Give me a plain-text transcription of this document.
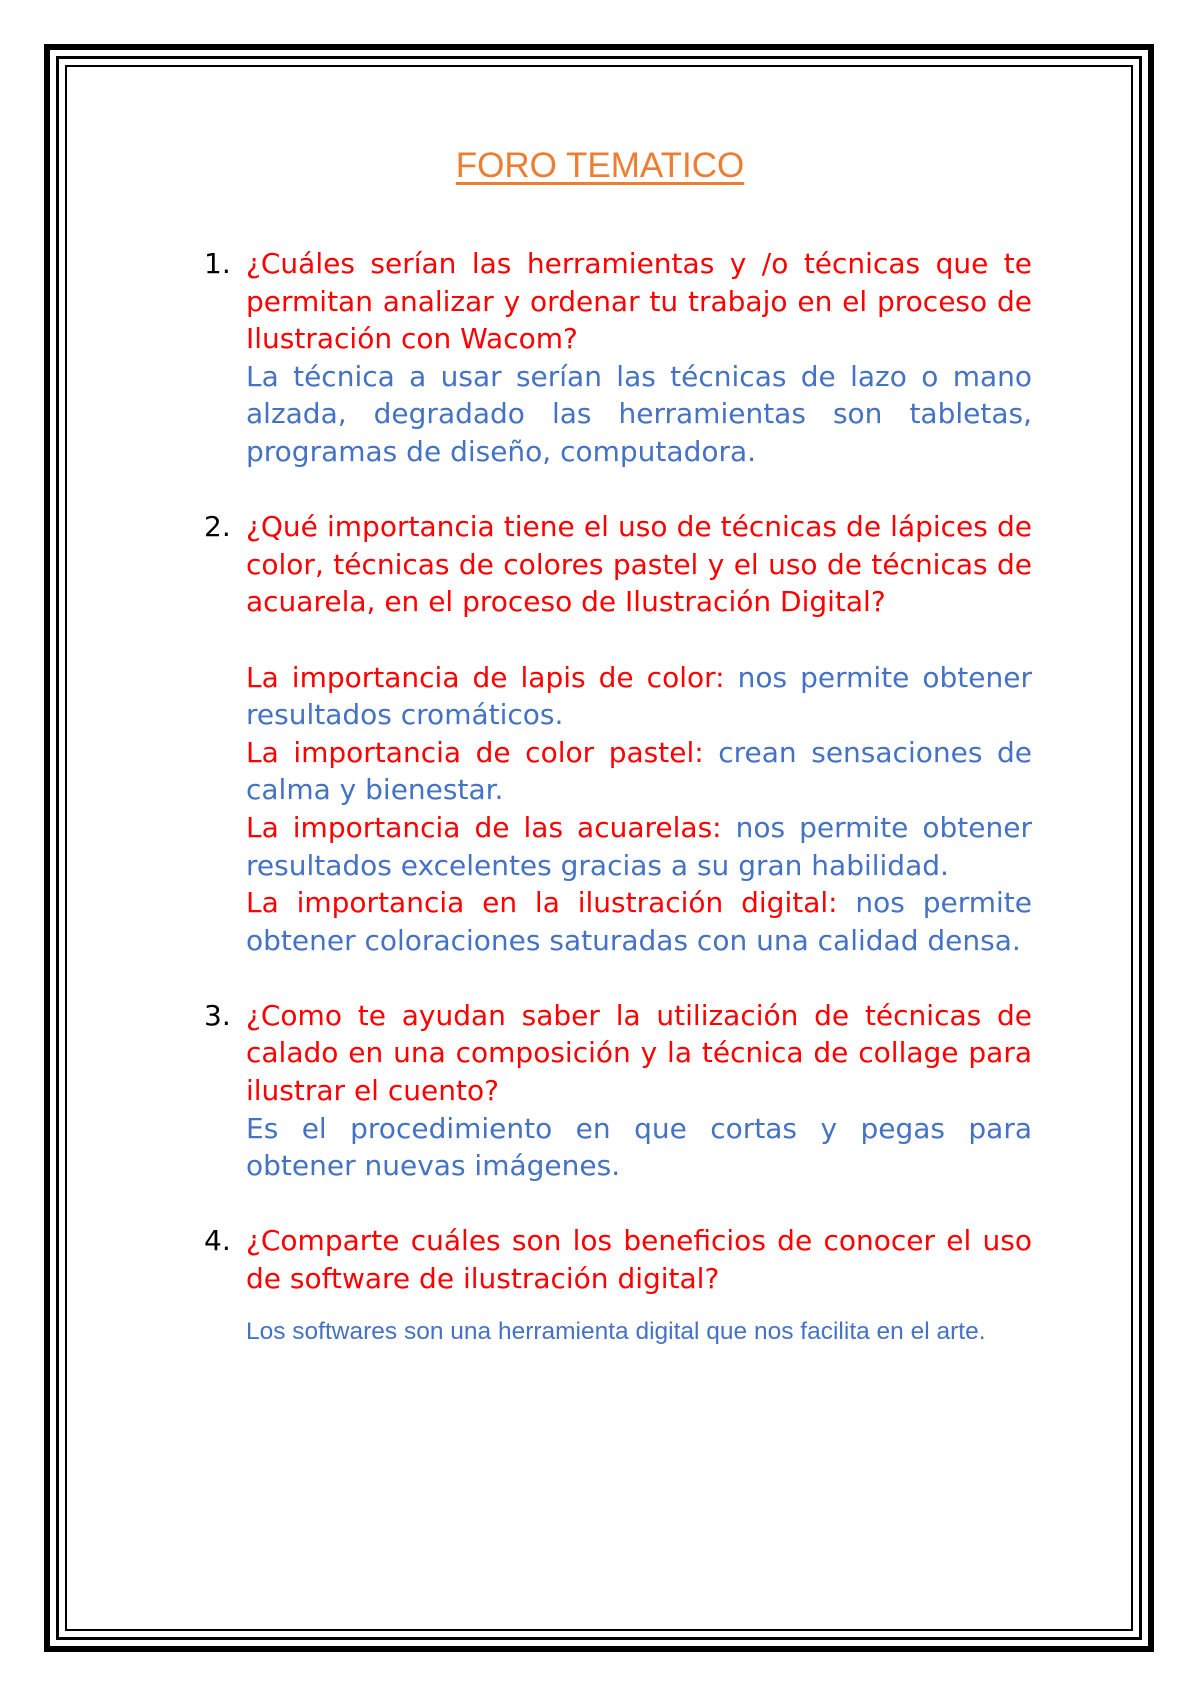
FORO TEMATICO
1. ¿Cuáles serían las herramientas y /o técnicas que te permitan analizar y ordenar tu trabajo en el proceso de Ilustración con Wacom?

La técnica a usar serían las técnicas de lazo o mano alzada, degradado las herramientas son tabletas, programas de diseño, computadora.

2. ¿Qué importancia tiene el uso de técnicas de lápices de color, técnicas de colores pastel y el uso de técnicas de acuarela, en el proceso de Ilustración Digital?

La importancia de lapis de color: nos permite obtener resultados cromáticos.

La importancia de color pastel: crean sensaciones de calma y bienestar.

La importancia de las acuarelas: nos permite obtener resultados excelentes gracias a su gran habilidad.

La importancia en la ilustración digital: nos permite obtener coloraciones saturadas con una calidad densa.

3. ¿Como te ayudan saber la utilización de técnicas de calado en una composición y la técnica de collage para ilustrar el cuento?

Es el procedimiento en que cortas y pegas para obtener nuevas imágenes.

4. ¿Comparte cuáles son los beneficios de conocer el uso de software de ilustración digital?

Los softwares son una herramienta digital que nos facilita en el arte.
